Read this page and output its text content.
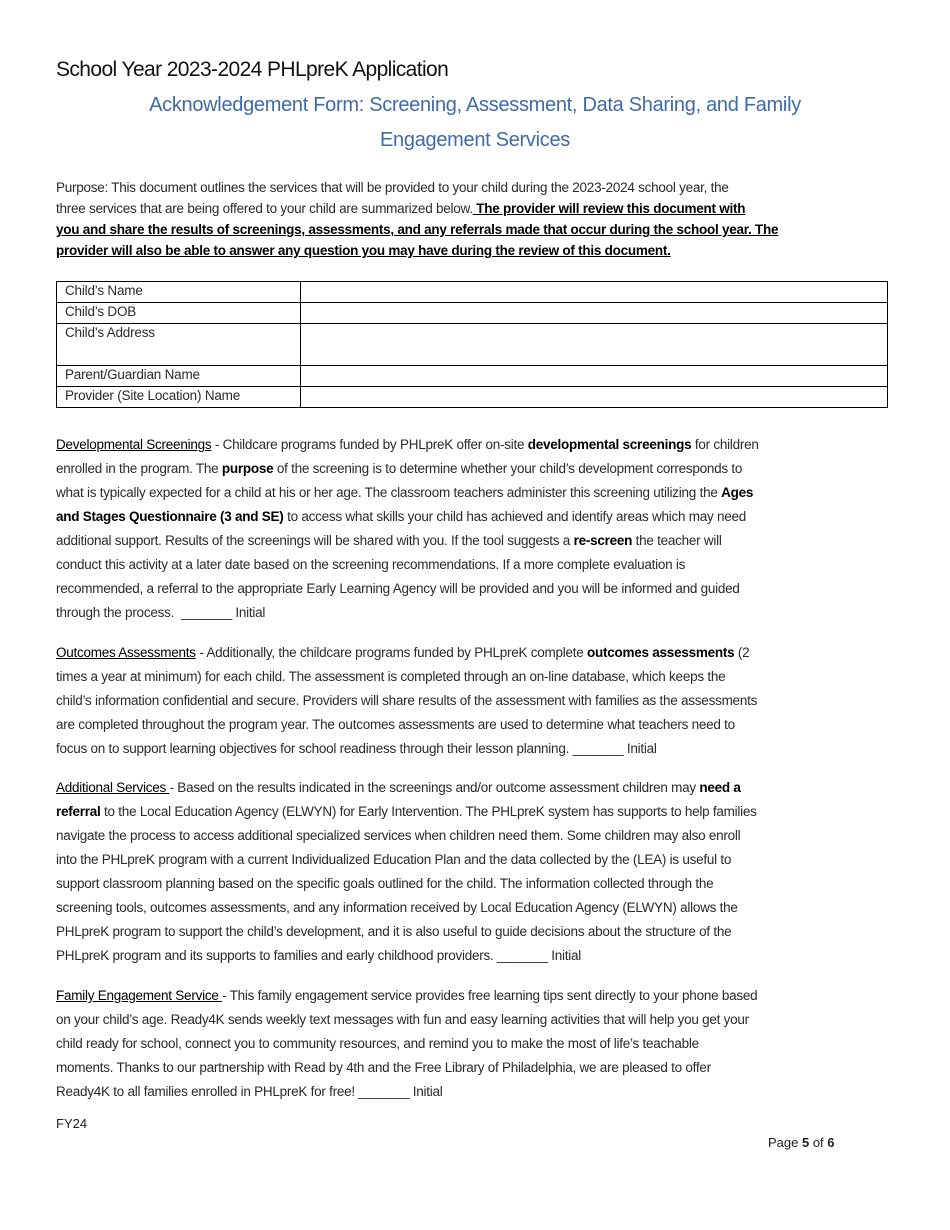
School Year 2023-2024 PHLpreK Application
Acknowledgement Form: Screening, Assessment, Data Sharing, and Family
Engagement Services
Purpose: This document outlines the services that will be provided to your child during the 2023-2024 school year, the
three services that are being offered to your child are summarized below. The provider will review this document with
you and share the results of screenings, assessments, and any referrals made that occur during the school year. The
provider will also be able to answer any question you may have during the review of this document.
Child’s Name	
Child’s DOB	
Child’s Address	
Parent/Guardian Name	
Provider (Site Location) Name	
Developmental Screenings - Childcare programs funded by PHLpreK offer on-site developmental screenings for children
enrolled in the program. The purpose of the screening is to determine whether your child’s development corresponds to
what is typically expected for a child at his or her age. The classroom teachers administer this screening utilizing the Ages
and Stages Questionnaire (3 and SE) to access what skills your child has achieved and identify areas which may need
additional support. Results of the screenings will be shared with you. If the tool suggests a re-screen the teacher will
conduct this activity at a later date based on the screening recommendations. If a more complete evaluation is
recommended, a referral to the appropriate Early Learning Agency will be provided and you will be informed and guided
through the process.  _______ Initial
Outcomes Assessments - Additionally, the childcare programs funded by PHLpreK complete outcomes assessments (2
times a year at minimum) for each child. The assessment is completed through an on-line database, which keeps the
child’s information confidential and secure. Providers will share results of the assessment with families as the assessments
are completed throughout the program year. The outcomes assessments are used to determine what teachers need to
focus on to support learning objectives for school readiness through their lesson planning. _______ Initial
Additional Services - Based on the results indicated in the screenings and/or outcome assessment children may need a
referral to the Local Education Agency (ELWYN) for Early Intervention. The PHLpreK system has supports to help families
navigate the process to access additional specialized services when children need them. Some children may also enroll
into the PHLpreK program with a current Individualized Education Plan and the data collected by the (LEA) is useful to
support classroom planning based on the specific goals outlined for the child. The information collected through the
screening tools, outcomes assessments, and any information received by Local Education Agency (ELWYN) allows the
PHLpreK program to support the child’s development, and it is also useful to guide decisions about the structure of the
PHLpreK program and its supports to families and early childhood providers. _______ Initial
Family Engagement Service - This family engagement service provides free learning tips sent directly to your phone based
on your child’s age. Ready4K sends weekly text messages with fun and easy learning activities that will help you get your
child ready for school, connect you to community resources, and remind you to make the most of life’s teachable
moments. Thanks to our partnership with Read by 4th and the Free Library of Philadelphia, we are pleased to offer
Ready4K to all families enrolled in PHLpreK for free! _______ Initial
FY24
Page 5 of 6
